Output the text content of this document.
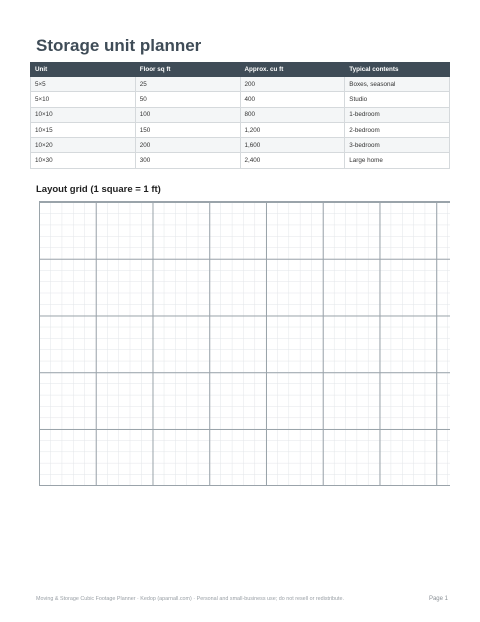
Storage unit planner
Unit	Floor sq ft	Approx. cu ft	Typical contents
5×5	25	200	Boxes, seasonal
5×10	50	400	Studio
10×10	100	800	1-bedroom
10×15	150	1,200	2-bedroom
10×20	200	1,600	3-bedroom
10×30	300	2,400	Large home
Layout grid (1 square = 1 ft)
Moving & Storage Cubic Footage Planner · Kedop (aparnall.com) · Personal and small-business use; do not resell or redistribute.	Page 1
